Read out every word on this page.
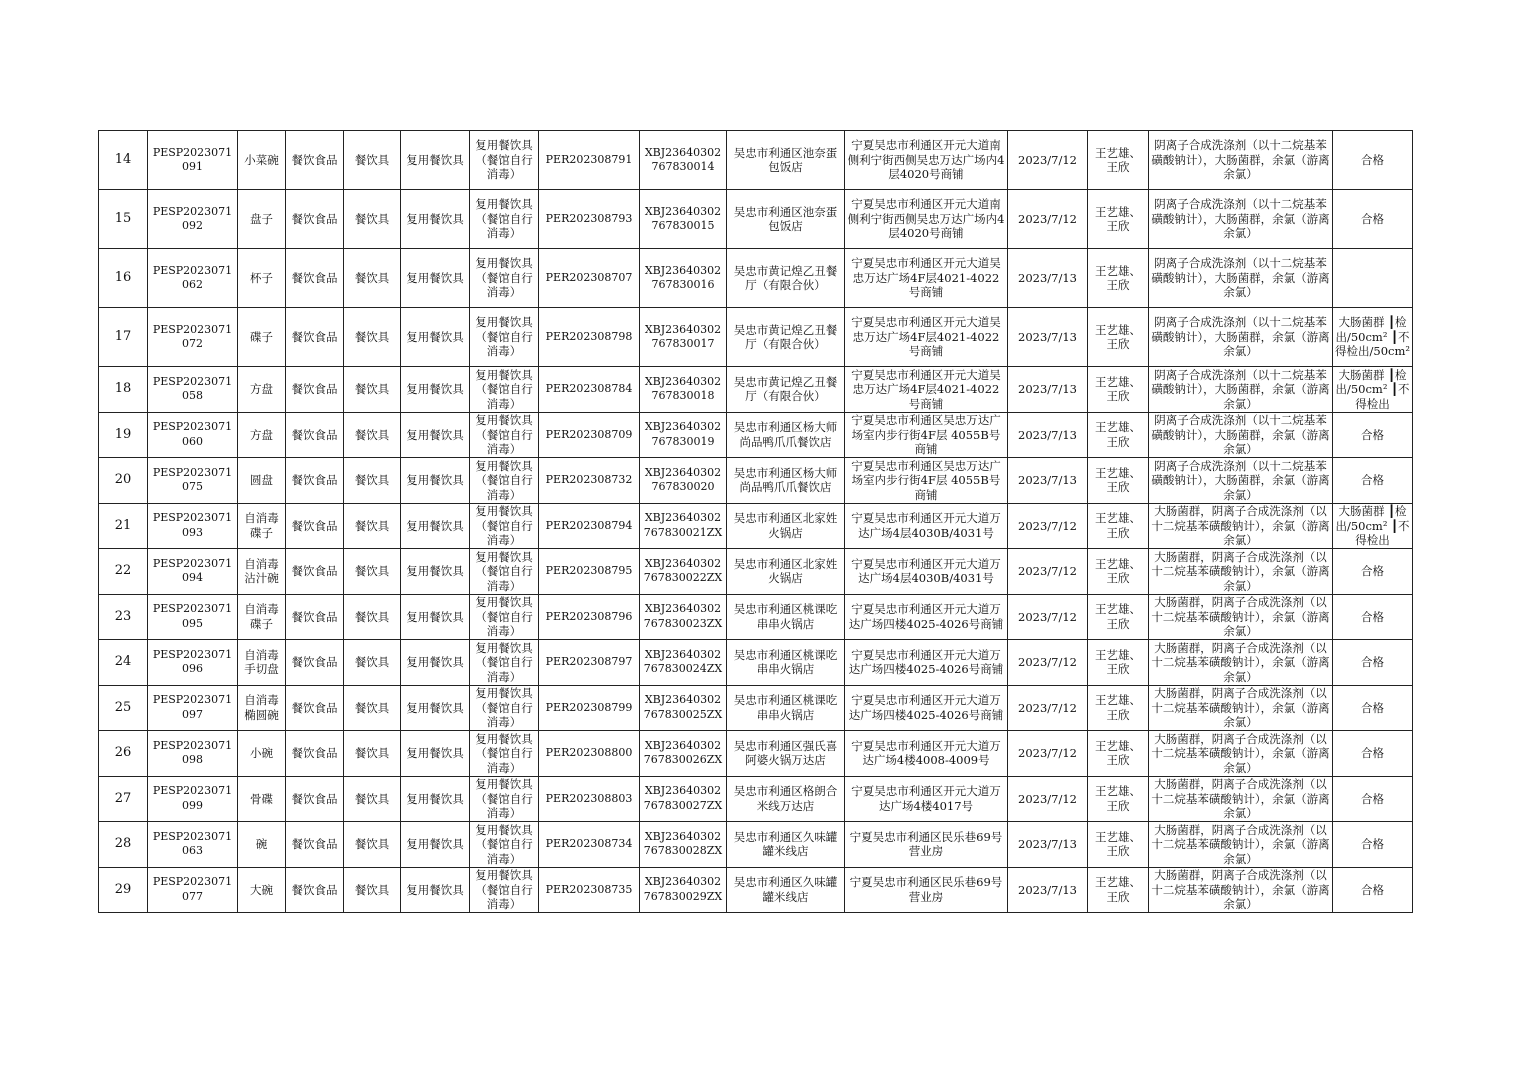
14	PESP2023071091	小菜碗	餐饮食品	餐饮具	复用餐饮具	复用餐饮具（餐馆自行消毒）	PER202308791	XBJ23640302767830014	吴忠市利通区池奈蛋包饭店	宁夏吴忠市利通区开元大道南侧利宁街西侧吴忠万达广场内4层4020号商铺	2023/7/12	王艺雄、王欣	阴离子合成洗涤剂（以十二烷基苯磺酸钠计），大肠菌群，余氯（游离余氯）	合格
15	PESP2023071092	盘子	餐饮食品	餐饮具	复用餐饮具	复用餐饮具（餐馆自行消毒）	PER202308793	XBJ23640302767830015	吴忠市利通区池奈蛋包饭店	宁夏吴忠市利通区开元大道南侧利宁街西侧吴忠万达广场内4层4020号商铺	2023/7/12	王艺雄、王欣	阴离子合成洗涤剂（以十二烷基苯磺酸钠计），大肠菌群，余氯（游离余氯）	合格
16	PESP2023071062	杯子	餐饮食品	餐饮具	复用餐饮具	复用餐饮具（餐馆自行消毒）	PER202308707	XBJ23640302767830016	吴忠市黄记煌乙丑餐厅（有限合伙）	宁夏吴忠市利通区开元大道吴忠万达广场4F层4021-4022号商铺	2023/7/13	王艺雄、王欣	阴离子合成洗涤剂（以十二烷基苯磺酸钠计），大肠菌群，余氯（游离余氯）	
17	PESP2023071072	碟子	餐饮食品	餐饮具	复用餐饮具	复用餐饮具（餐馆自行消毒）	PER202308798	XBJ23640302767830017	吴忠市黄记煌乙丑餐厅（有限合伙）	宁夏吴忠市利通区开元大道吴忠万达广场4F层4021-4022号商铺	2023/7/13	王艺雄、王欣	阴离子合成洗涤剂（以十二烷基苯磺酸钠计），大肠菌群，余氯（游离余氯）	大肠菌群 ┃检出/50cm² ┃不得检出/50cm²
18	PESP2023071058	方盘	餐饮食品	餐饮具	复用餐饮具	复用餐饮具（餐馆自行消毒）	PER202308784	XBJ23640302767830018	吴忠市黄记煌乙丑餐厅（有限合伙）	宁夏吴忠市利通区开元大道吴忠万达广场4F层4021-4022号商铺	2023/7/13	王艺雄、王欣	阴离子合成洗涤剂（以十二烷基苯磺酸钠计），大肠菌群，余氯（游离余氯）	大肠菌群 ┃检出/50cm² ┃不得检出
19	PESP2023071060	方盘	餐饮食品	餐饮具	复用餐饮具	复用餐饮具（餐馆自行消毒）	PER202308709	XBJ23640302767830019	吴忠市利通区杨大师尚品鸭爪爪餐饮店	宁夏吴忠市利通区吴忠万达广场室内步行街4F层 4055B号商铺	2023/7/13	王艺雄、王欣	阴离子合成洗涤剂（以十二烷基苯磺酸钠计），大肠菌群，余氯（游离余氯）	合格
20	PESP2023071075	圆盘	餐饮食品	餐饮具	复用餐饮具	复用餐饮具（餐馆自行消毒）	PER202308732	XBJ23640302767830020	吴忠市利通区杨大师尚品鸭爪爪餐饮店	宁夏吴忠市利通区吴忠万达广场室内步行街4F层 4055B号商铺	2023/7/13	王艺雄、王欣	阴离子合成洗涤剂（以十二烷基苯磺酸钠计），大肠菌群，余氯（游离余氯）	合格
21	PESP2023071093	自消毒碟子	餐饮食品	餐饮具	复用餐饮具	复用餐饮具（餐馆自行消毒）	PER202308794	XBJ23640302767830021ZX	吴忠市利通区北家姓火锅店	宁夏吴忠市利通区开元大道万达广场4层4030B/4031号	2023/7/12	王艺雄、王欣	大肠菌群，阴离子合成洗涤剂（以十二烷基苯磺酸钠计），余氯（游离余氯）	大肠菌群 ┃检出/50cm² ┃不得检出
22	PESP2023071094	自消毒沾汁碗	餐饮食品	餐饮具	复用餐饮具	复用餐饮具（餐馆自行消毒）	PER202308795	XBJ23640302767830022ZX	吴忠市利通区北家姓火锅店	宁夏吴忠市利通区开元大道万达广场4层4030B/4031号	2023/7/12	王艺雄、王欣	大肠菌群，阴离子合成洗涤剂（以十二烷基苯磺酸钠计），余氯（游离余氯）	合格
23	PESP2023071095	自消毒碟子	餐饮食品	餐饮具	复用餐饮具	复用餐饮具（餐馆自行消毒）	PER202308796	XBJ23640302767830023ZX	吴忠市利通区桃课吃串串火锅店	宁夏吴忠市利通区开元大道万达广场四楼4025-4026号商铺	2023/7/12	王艺雄、王欣	大肠菌群，阴离子合成洗涤剂（以十二烷基苯磺酸钠计），余氯（游离余氯）	合格
24	PESP2023071096	自消毒手切盘	餐饮食品	餐饮具	复用餐饮具	复用餐饮具（餐馆自行消毒）	PER202308797	XBJ23640302767830024ZX	吴忠市利通区桃课吃串串火锅店	宁夏吴忠市利通区开元大道万达广场四楼4025-4026号商铺	2023/7/12	王艺雄、王欣	大肠菌群，阴离子合成洗涤剂（以十二烷基苯磺酸钠计），余氯（游离余氯）	合格
25	PESP2023071097	自消毒椭圆碗	餐饮食品	餐饮具	复用餐饮具	复用餐饮具（餐馆自行消毒）	PER202308799	XBJ23640302767830025ZX	吴忠市利通区桃课吃串串火锅店	宁夏吴忠市利通区开元大道万达广场四楼4025-4026号商铺	2023/7/12	王艺雄、王欣	大肠菌群，阴离子合成洗涤剂（以十二烷基苯磺酸钠计），余氯（游离余氯）	合格
26	PESP2023071098	小碗	餐饮食品	餐饮具	复用餐饮具	复用餐饮具（餐馆自行消毒）	PER202308800	XBJ23640302767830026ZX	吴忠市利通区强氏喜阿婆火锅万达店	宁夏吴忠市利通区开元大道万达广场4楼4008-4009号	2023/7/12	王艺雄、王欣	大肠菌群，阴离子合成洗涤剂（以十二烷基苯磺酸钠计），余氯（游离余氯）	合格
27	PESP2023071099	骨碟	餐饮食品	餐饮具	复用餐饮具	复用餐饮具（餐馆自行消毒）	PER202308803	XBJ23640302767830027ZX	吴忠市利通区格朗合米线万达店	宁夏吴忠市利通区开元大道万达广场4楼4017号	2023/7/12	王艺雄、王欣	大肠菌群，阴离子合成洗涤剂（以十二烷基苯磺酸钠计），余氯（游离余氯）	合格
28	PESP2023071063	碗	餐饮食品	餐饮具	复用餐饮具	复用餐饮具（餐馆自行消毒）	PER202308734	XBJ23640302767830028ZX	吴忠市利通区久味罐罐米线店	宁夏吴忠市利通区民乐巷69号营业房	2023/7/13	王艺雄、王欣	大肠菌群，阴离子合成洗涤剂（以十二烷基苯磺酸钠计），余氯（游离余氯）	合格
29	PESP2023071077	大碗	餐饮食品	餐饮具	复用餐饮具	复用餐饮具（餐馆自行消毒）	PER202308735	XBJ23640302767830029ZX	吴忠市利通区久味罐罐米线店	宁夏吴忠市利通区民乐巷69号营业房	2023/7/13	王艺雄、王欣	大肠菌群，阴离子合成洗涤剂（以十二烷基苯磺酸钠计），余氯（游离余氯）	合格
